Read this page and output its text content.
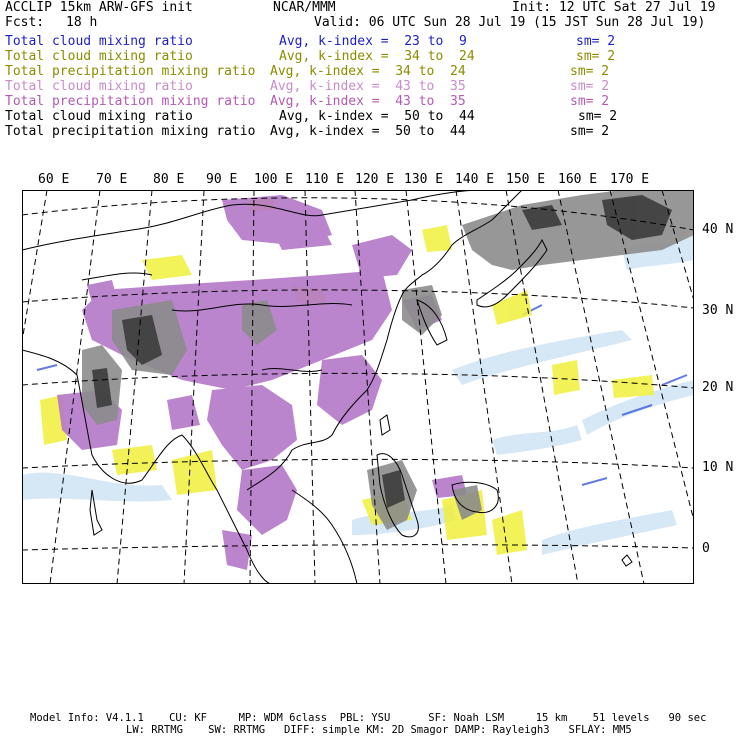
ACCLIP 15km ARW-GFS init	NCAR/MMM	Init: 12 UTC Sat 27 Jul 19
Fcst: 18 h	Valid: 06 UTC Sun 28 Jul 19 (15 JST Sun 28 Jul 19)
Total cloud mixing ratio	Avg, k-index =  23 to  9	sm= 2
Total cloud mixing ratio	Avg, k-index =  34 to  24	sm= 2
Total precipitation mixing ratio Avg, k-index =  34 to  24	sm= 2
Total cloud mixing ratio	Avg, k-index =  43 to  35	sm= 2
Total precipitation mixing ratio Avg, k-index =  43 to  35	sm= 2
Total cloud mixing ratio	Avg, k-index =  50 to  44	sm= 2
Total precipitation mixing ratio Avg, k-index =  50 to  44	sm= 2
60 E 70 E 80 E 90 E 100 E 110 E 120 E 130 E 140 E 150 E 160 E 170 E
40 N
30 N
20 N
10 N
0
Model Info: V4.1.1    CU: KF     MP: WDM 6class  PBL: YSU      SF: Noah LSM     15 km    51 levels   90 sec
LW: RRTMG    SW: RRTMG   DIFF: simple KM: 2D Smagor DAMP: Rayleigh3   SFLAY: MM5
